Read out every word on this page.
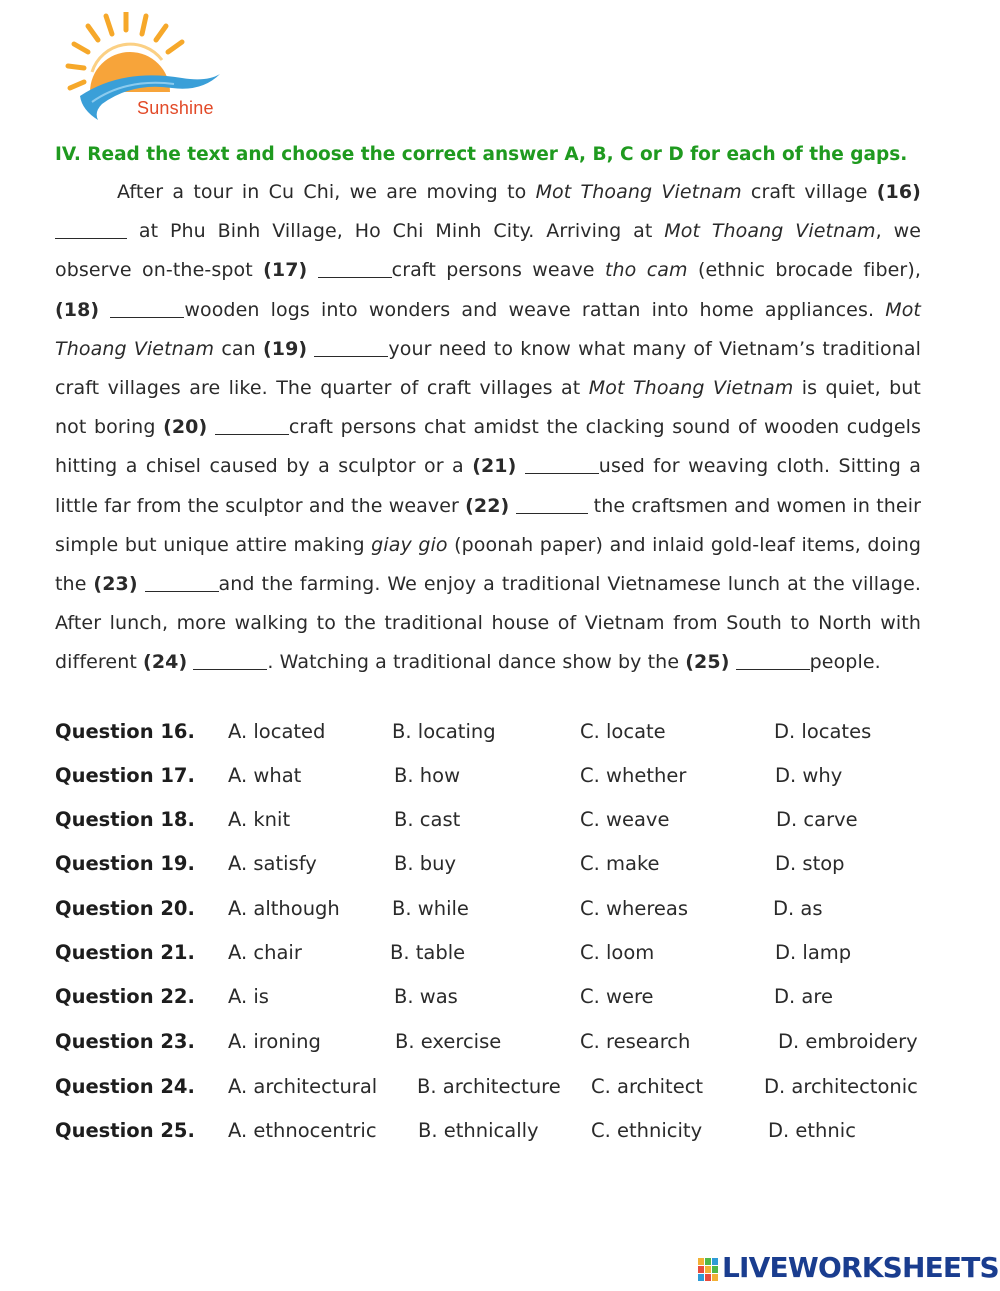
Sunshine
IV. Read the text and choose the correct answer A, B, C or D for each of the gaps.
After a tour in Cu Chi, we are moving to Mot Thoang Vietnam craft village (16)  at Phu Binh Village, Ho Chi Minh City. Arriving at Mot Thoang Vietnam, we observe on-the-spot (17)	craft persons weave tho cam (ethnic brocade fiber), (18)	wooden logs into wonders and weave rattan into home appliances. Mot Thoang Vietnam can (19)	your need to know what many of Vietnam’s traditional craft villages are like. The quarter of craft villages at Mot Thoang Vietnam is quiet, but not boring (20)	craft persons chat amidst the clacking sound of wooden cudgels hitting a chisel caused by a sculptor or a (21)	used for weaving cloth. Sitting a little far from the sculptor and the weaver (22)	the craftsmen and women in their simple but unique attire making giay gio (poonah paper) and inlaid gold-leaf items, doing the (23)	and the farming. We enjoy a traditional Vietnamese lunch at the village. After lunch, more walking to the traditional house of Vietnam from South to North with different (24)	. Watching a traditional dance show by the (25)	people.
Question 16. A. located	B. locating	C. locate	D. locates
Question 17. A. what	B. how	C. whether	D. why
Question 18. A. knit	B. cast	C. weave	D. carve
Question 19. A. satisfy	B. buy	C. make	D. stop
Question 20. A. although	B. while	C. whereas	D. as
Question 21. A. chair	B. table	C. loom	D. lamp
Question 22. A. is	B. was	C. were	D. are
Question 23. A. ironing	B. exercise	C. research	D. embroidery
Question 24. A. architectural B. architecture C. architect	D. architectonic
Question 25. A. ethnocentric B. ethnically	C. ethnicity	D. ethnic
LIVEWORKSHEETS
